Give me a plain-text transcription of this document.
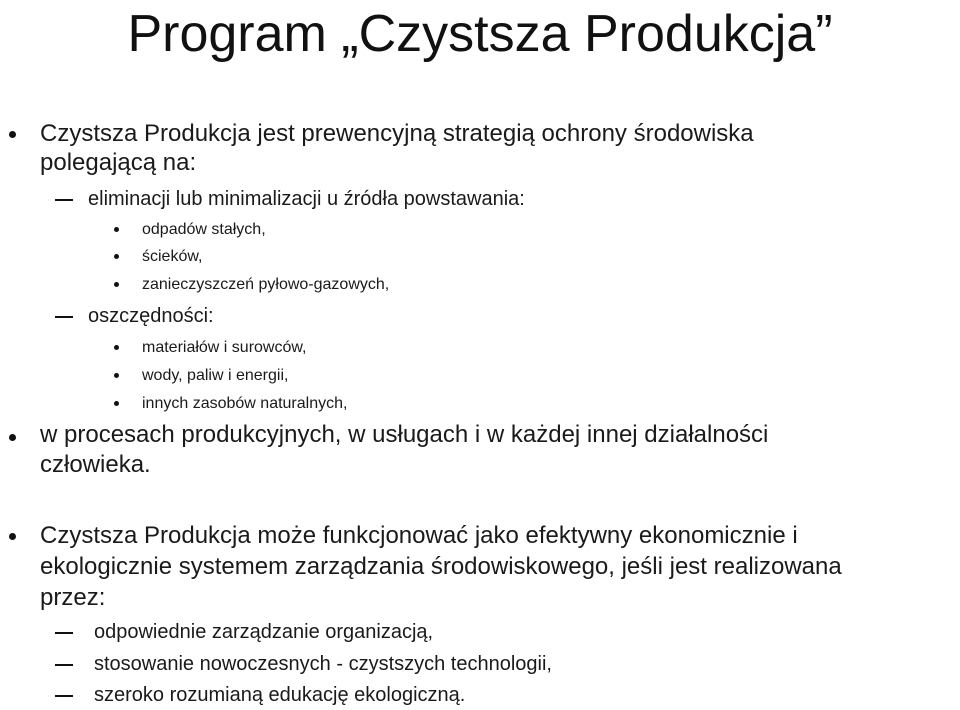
Program „Czystsza Produkcja”
Czystsza Produkcja jest prewencyjną strategią ochrony środowiska
polegającą na:
eliminacji lub minimalizacji u źródła powstawania:
odpadów stałych,
ścieków,
zanieczyszczeń pyłowo-gazowych,
oszczędności:
materiałów i surowców,
wody, paliw i energii,
innych zasobów naturalnych,
w procesach produkcyjnych, w usługach i w każdej innej działalności
człowieka.
Czystsza Produkcja może funkcjonować jako efektywny ekonomicznie i
ekologicznie systemem zarządzania środowiskowego, jeśli jest realizowana
przez:
odpowiednie zarządzanie organizacją,
stosowanie nowoczesnych - czystszych technologii,
szeroko rozumianą edukację ekologiczną.
